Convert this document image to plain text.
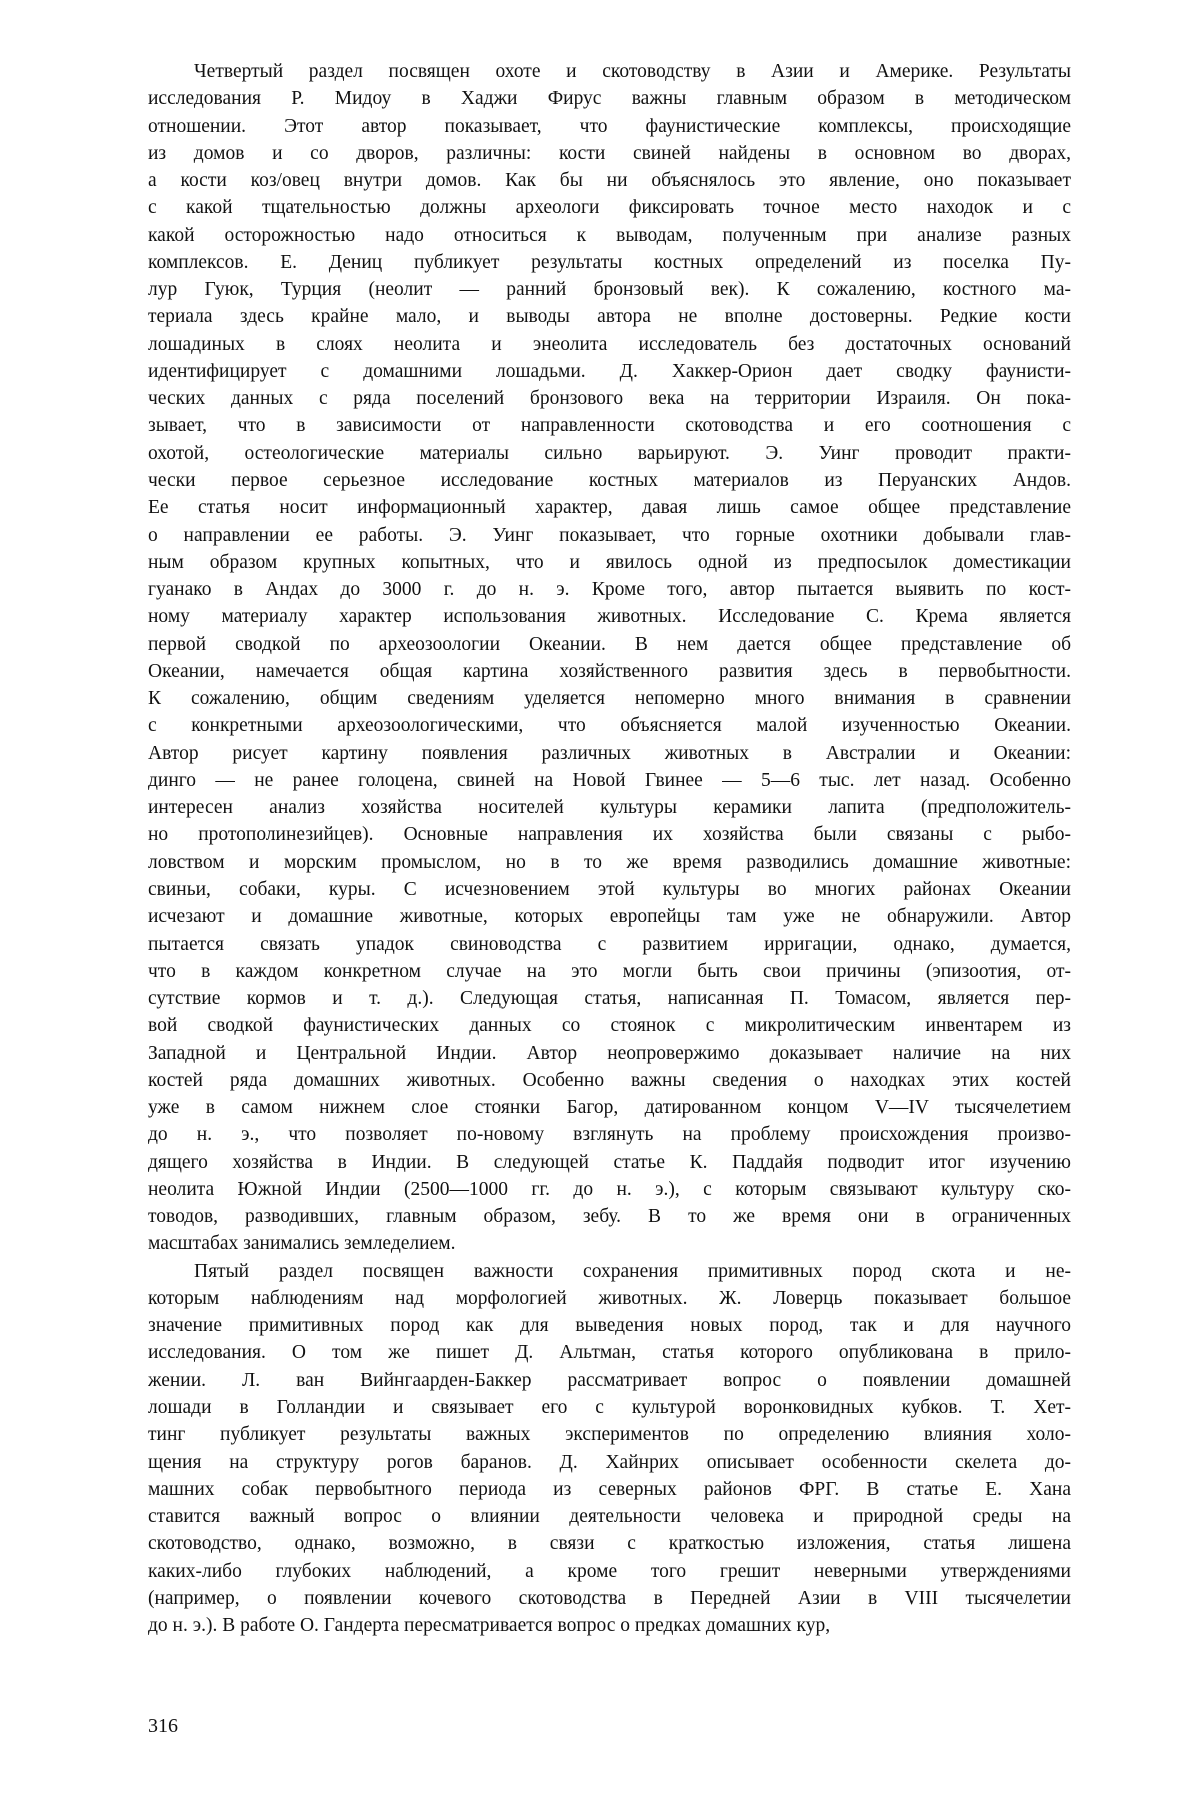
Четвертый раздел посвящен охоте и скотоводству в Азии и Америке. Результаты
исследования Р. Мидоу в Хаджи Фирус важны главным образом в методическом
отношении. Этот автор показывает, что фаунистические комплексы, происходящие
из домов и со дворов, различны: кости свиней найдены в основном во дворах,
а кости коз/овец внутри домов. Как бы ни объяснялось это явление, оно показывает
с какой тщательностью должны археологи фиксировать точное место находок и с
какой осторожностью надо относиться к выводам, полученным при анализе разных
комплексов. Е. Дениц публикует результаты костных определений из поселка Пу-
лур Гуюк, Турция (неолит — ранний бронзовый век). К сожалению, костного ма-
териала здесь крайне мало, и выводы автора не вполне достоверны. Редкие кости
лошадиных в слоях неолита и энеолита исследователь без достаточных оснований
идентифицирует с домашними лошадьми. Д. Хаккер-Орион дает сводку фаунисти-
ческих данных с ряда поселений бронзового века на территории Израиля. Он пока-
зывает, что в зависимости от направленности скотоводства и его соотношения с
охотой, остеологические материалы сильно варьируют. Э. Уинг проводит практи-
чески первое серьезное исследование костных материалов из Перуанских Андов.
Ее статья носит информационный характер, давая лишь самое общее представление
о направлении ее работы. Э. Уинг показывает, что горные охотники добывали глав-
ным образом крупных копытных, что и явилось одной из предпосылок доместикации
гуанако в Андах до 3000 г. до н. э. Кроме того, автор пытается выявить по кост-
ному материалу характер использования животных. Исследование С. Крема является
первой сводкой по археозоологии Океании. В нем дается общее представление об
Океании, намечается общая картина хозяйственного развития здесь в первобытности.
К сожалению, общим сведениям уделяется непомерно много внимания в сравнении
с конкретными археозоологическими, что объясняется малой изученностью Океании.
Автор рисует картину появления различных животных в Австралии и Океании:
динго — не ранее голоцена, свиней на Новой Гвинее — 5—6 тыс. лет назад. Особенно
интересен анализ хозяйства носителей культуры керамики лапита (предположитель-
но протополинезийцев). Основные направления их хозяйства были связаны с рыбо-
ловством и морским промыслом, но в то же время разводились домашние животные:
свиньи, собаки, куры. С исчезновением этой культуры во многих районах Океании
исчезают и домашние животные, которых европейцы там уже не обнаружили. Автор
пытается связать упадок свиноводства с развитием ирригации, однако, думается,
что в каждом конкретном случае на это могли быть свои причины (эпизоотия, от-
сутствие кормов и т. д.). Следующая статья, написанная П. Томасом, является пер-
вой сводкой фаунистических данных со стоянок с микролитическим инвентарем из
Западной и Центральной Индии. Автор неопровержимо доказывает наличие на них
костей ряда домашних животных. Особенно важны сведения о находках этих костей
уже в самом нижнем слое стоянки Багор, датированном концом V—IV тысячелетием
до н. э., что позволяет по-новому взглянуть на проблему происхождения произво-
дящего хозяйства в Индии. В следующей статье К. Паддайя подводит итог изучению
неолита Южной Индии (2500—1000 гг. до н. э.), с которым связывают культуру ско-
товодов, разводивших, главным образом, зебу. В то же время они в ограниченных
масштабах занимались земледелием.
Пятый раздел посвящен важности сохранения примитивных пород скота и не-
которым наблюдениям над морфологией животных. Ж. Ловерць показывает большое
значение примитивных пород как для выведения новых пород, так и для научного
исследования. О том же пишет Д. Альтман, статья которого опубликована в прило-
жении. Л. ван Вийнгаарден-Баккер рассматривает вопрос о появлении домашней
лошади в Голландии и связывает его с культурой воронковидных кубков. Т. Хет-
тинг публикует результаты важных экспериментов по определению влияния холо-
щения на структуру рогов баранов. Д. Хайнрих описывает особенности скелета до-
машних собак первобытного периода из северных районов ФРГ. В статье Е. Хана
ставится важный вопрос о влиянии деятельности человека и природной среды на
скотоводство, однако, возможно, в связи с краткостью изложения, статья лишена
каких-либо глубоких наблюдений, а кроме того грешит неверными утверждениями
(например, о появлении кочевого скотоводства в Передней Азии в VIII тысячелетии
до н. э.). В работе О. Гандерта пересматривается вопрос о предках домашних кур,
316
